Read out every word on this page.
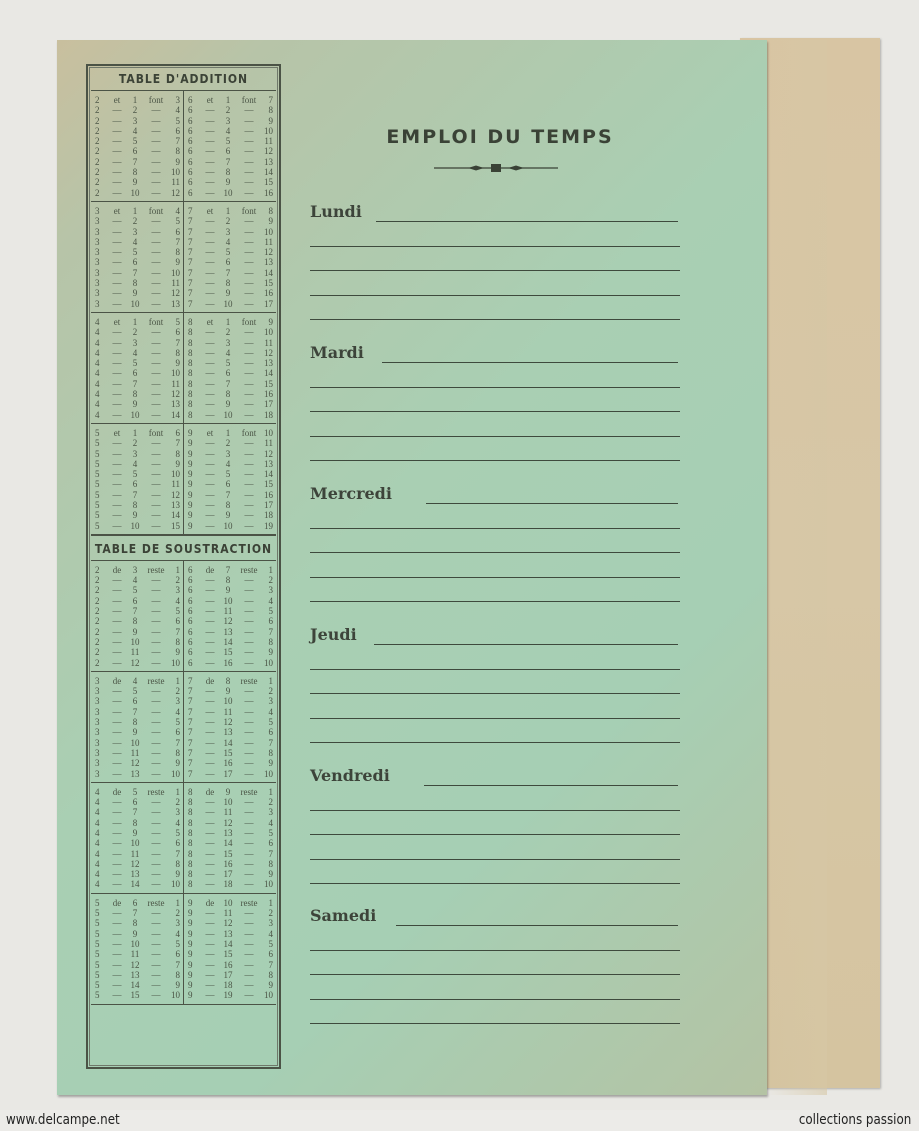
TABLE D'ADDITION
2	et	1	font	3
2	—	2	—	4
2	—	3	—	5
2	—	4	—	6
2	—	5	—	7
2	—	6	—	8
2	—	7	—	9
2	—	8	—	10
2	—	9	—	11
2	—	10	—	12
6	et	1	font	7
6	—	2	—	8
6	—	3	—	9
6	—	4	—	10
6	—	5	—	11
6	—	6	—	12
6	—	7	—	13
6	—	8	—	14
6	—	9	—	15
6	—	10	—	16
3	et	1	font	4
3	—	2	—	5
3	—	3	—	6
3	—	4	—	7
3	—	5	—	8
3	—	6	—	9
3	—	7	—	10
3	—	8	—	11
3	—	9	—	12
3	—	10	—	13
7	et	1	font	8
7	—	2	—	9
7	—	3	—	10
7	—	4	—	11
7	—	5	—	12
7	—	6	—	13
7	—	7	—	14
7	—	8	—	15
7	—	9	—	16
7	—	10	—	17
4	et	1	font	5
4	—	2	—	6
4	—	3	—	7
4	—	4	—	8
4	—	5	—	9
4	—	6	—	10
4	—	7	—	11
4	—	8	—	12
4	—	9	—	13
4	—	10	—	14
8	et	1	font	9
8	—	2	—	10
8	—	3	—	11
8	—	4	—	12
8	—	5	—	13
8	—	6	—	14
8	—	7	—	15
8	—	8	—	16
8	—	9	—	17
8	—	10	—	18
5	et	1	font	6
5	—	2	—	7
5	—	3	—	8
5	—	4	—	9
5	—	5	—	10
5	—	6	—	11
5	—	7	—	12
5	—	8	—	13
5	—	9	—	14
5	—	10	—	15
9	et	1	font 10
9	—	2	—	11
9	—	3	—	12
9	—	4	—	13
9	—	5	—	14
9	—	6	—	15
9	—	7	—	16
9	—	8	—	17
9	—	9	—	18
9	—	10	—	19
TABLE DE SOUSTRACTION
2	de	3	reste	1
2	—	4	—	2
2	—	5	—	3
2	—	6	—	4
2	—	7	—	5
2	—	8	—	6
2	—	9	—	7
2	—	10	—	8
2	—	11	—	9
2	—	12	—	10
6	de	7	reste	1
6	—	8	—	2
6	—	9	—	3
6	—	10	—	4
6	—	11	—	5
6	—	12	—	6
6	—	13	—	7
6	—	14	—	8
6	—	15	—	9
6	—	16	—	10
3	de	4	reste	1
3	—	5	—	2
3	—	6	—	3
3	—	7	—	4
3	—	8	—	5
3	—	9	—	6
3	—	10	—	7
3	—	11	—	8
3	—	12	—	9
3	—	13	—	10
7	de	8	reste	1
7	—	9	—	2
7	—	10	—	3
7	—	11	—	4
7	—	12	—	5
7	—	13	—	6
7	—	14	—	7
7	—	15	—	8
7	—	16	—	9
7	—	17	—	10
4	de	5	reste	1
4	—	6	—	2
4	—	7	—	3
4	—	8	—	4
4	—	9	—	5
4	—	10	—	6
4	—	11	—	7
4	—	12	—	8
4	—	13	—	9
4	—	14	—	10
8	de	9	reste	1
8	—	10	—	2
8	—	11	—	3
8	—	12	—	4
8	—	13	—	5
8	—	14	—	6
8	—	15	—	7
8	—	16	—	8
8	—	17	—	9
8	—	18	—	10
5	de	6	reste	1
5	—	7	—	2
5	—	8	—	3
5	—	9	—	4
5	—	10	—	5
5	—	11	—	6
5	—	12	—	7
5	—	13	—	8
5	—	14	—	9
5	—	15	—	10
9	de	10 reste	1
9	—	11	—	2
9	—	12	—	3
9	—	13	—	4
9	—	14	—	5
9	—	15	—	6
9	—	16	—	7
9	—	17	—	8
9	—	18	—	9
9	—	19	—	10
EMPLOI DU TEMPS
Lundi
Mardi
Mercredi
Jeudi
Vendredi
Samedi
www.delcampe.net	collections passion
